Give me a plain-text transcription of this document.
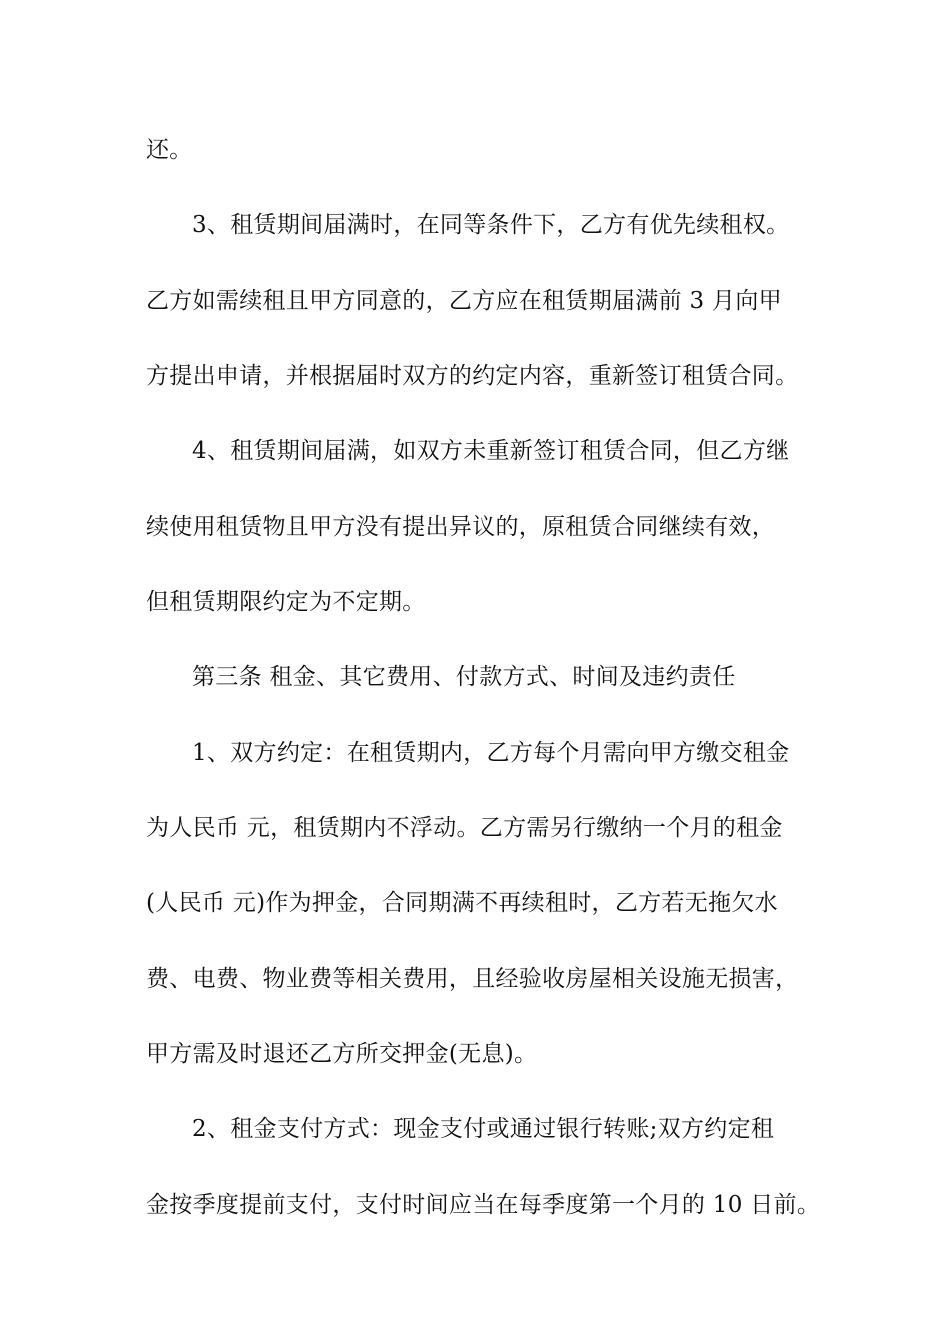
还。
3、租赁期间届满时，在同等条件下，乙方有优先续租权。
乙方如需续租且甲方同意的，乙方应在租赁期届满前 3 月向甲
方提出申请，并根据届时双方的约定内容，重新签订租赁合同。
4、租赁期间届满，如双方未重新签订租赁合同，但乙方继
续使用租赁物且甲方没有提出异议的，原租赁合同继续有效，
但租赁期限约定为不定期。
第三条 租金、其它费用、付款方式、时间及违约责任
1、双方约定：在租赁期内，乙方每个月需向甲方缴交租金
为人民币 元，租赁期内不浮动。乙方需另行缴纳一个月的租金
(人民币 元)作为押金，合同期满不再续租时，乙方若无拖欠水
费、电费、物业费等相关费用，且经验收房屋相关设施无损害，
甲方需及时退还乙方所交押金(无息)。
2、租金支付方式：现金支付或通过银行转账;双方约定租
金按季度提前支付，支付时间应当在每季度第一个月的 10 日前。
